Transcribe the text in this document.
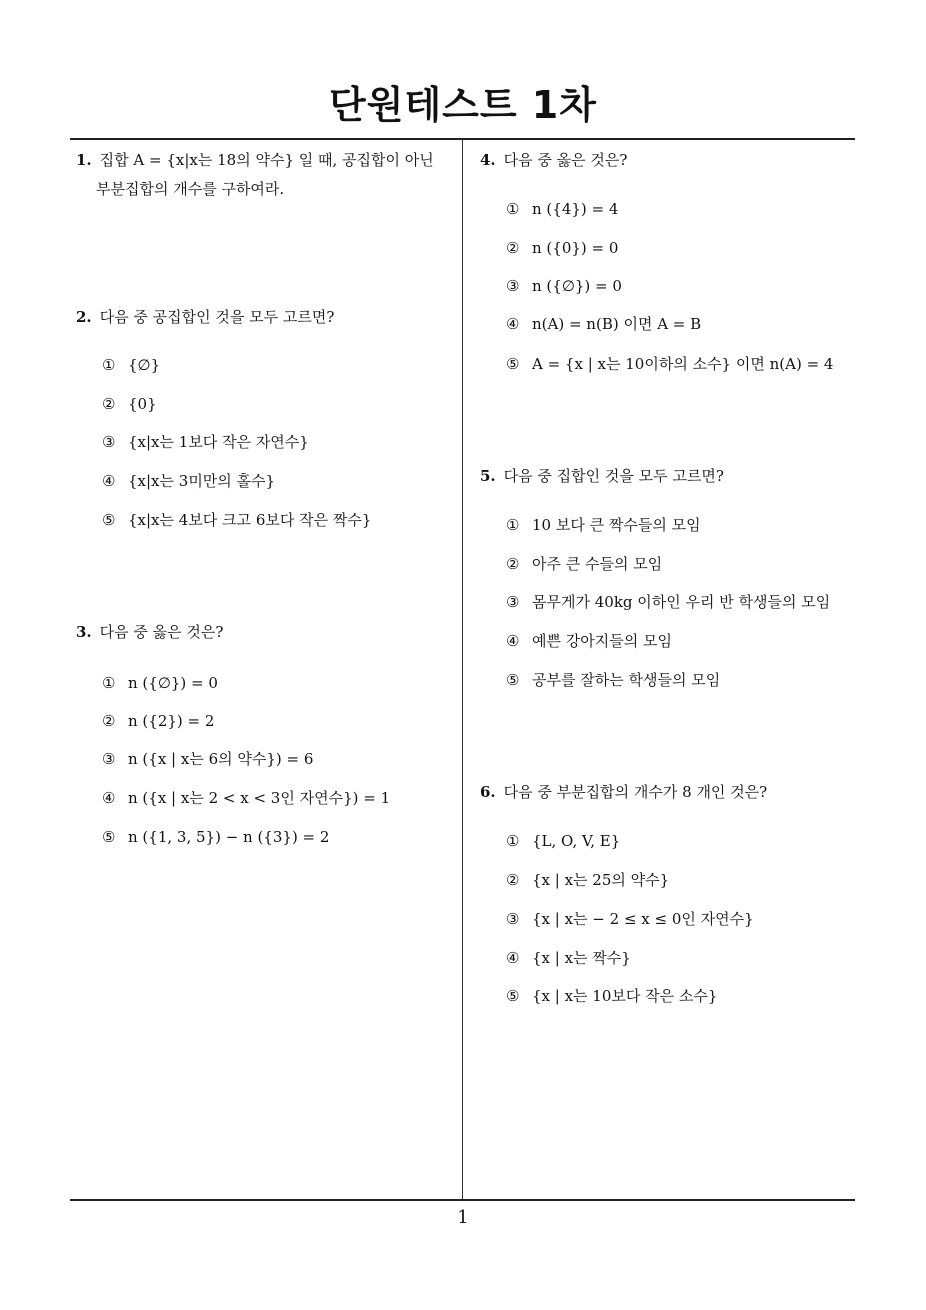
단원테스트 1차
1
1. 집합 A = {x|x는 18의 약수} 일 때, 공집합이 아닌
부분집합의 개수를 구하여라.
2. 다음 중 공집합인 것을 모두 고르면?
① {∅}
② {0}
③ {x|x는 1보다 작은 자연수}
④ {x|x는 3미만의 홀수}
⑤ {x|x는 4보다 크고 6보다 작은 짝수}
3. 다음 중 옳은 것은?
① n ({∅}) = 0
② n ({2}) = 2
③ n ({x | x는 6의 약수}) = 6
④ n ({x | x는 2 < x < 3인 자연수}) = 1
⑤ n ({1, 3, 5}) − n ({3}) = 2
4. 다음 중 옳은 것은?
① n ({4}) = 4
② n ({0}) = 0
③ n ({∅}) = 0
④ n(A) = n(B) 이면 A = B
⑤ A = {x | x는 10이하의 소수} 이면 n(A) = 4
5. 다음 중 집합인 것을 모두 고르면?
① 10 보다 큰 짝수들의 모임
② 아주 큰 수들의 모임
③ 몸무게가 40kg 이하인 우리 반 학생들의 모임
④ 예쁜 강아지들의 모임
⑤ 공부를 잘하는 학생들의 모임
6. 다음 중 부분집합의 개수가 8 개인 것은?
① {L, O, V, E}
② {x | x는 25의 약수}
③ {x | x는 − 2 ≤ x ≤ 0인 자연수}
④ {x | x는 짝수}
⑤ {x | x는 10보다 작은 소수}
